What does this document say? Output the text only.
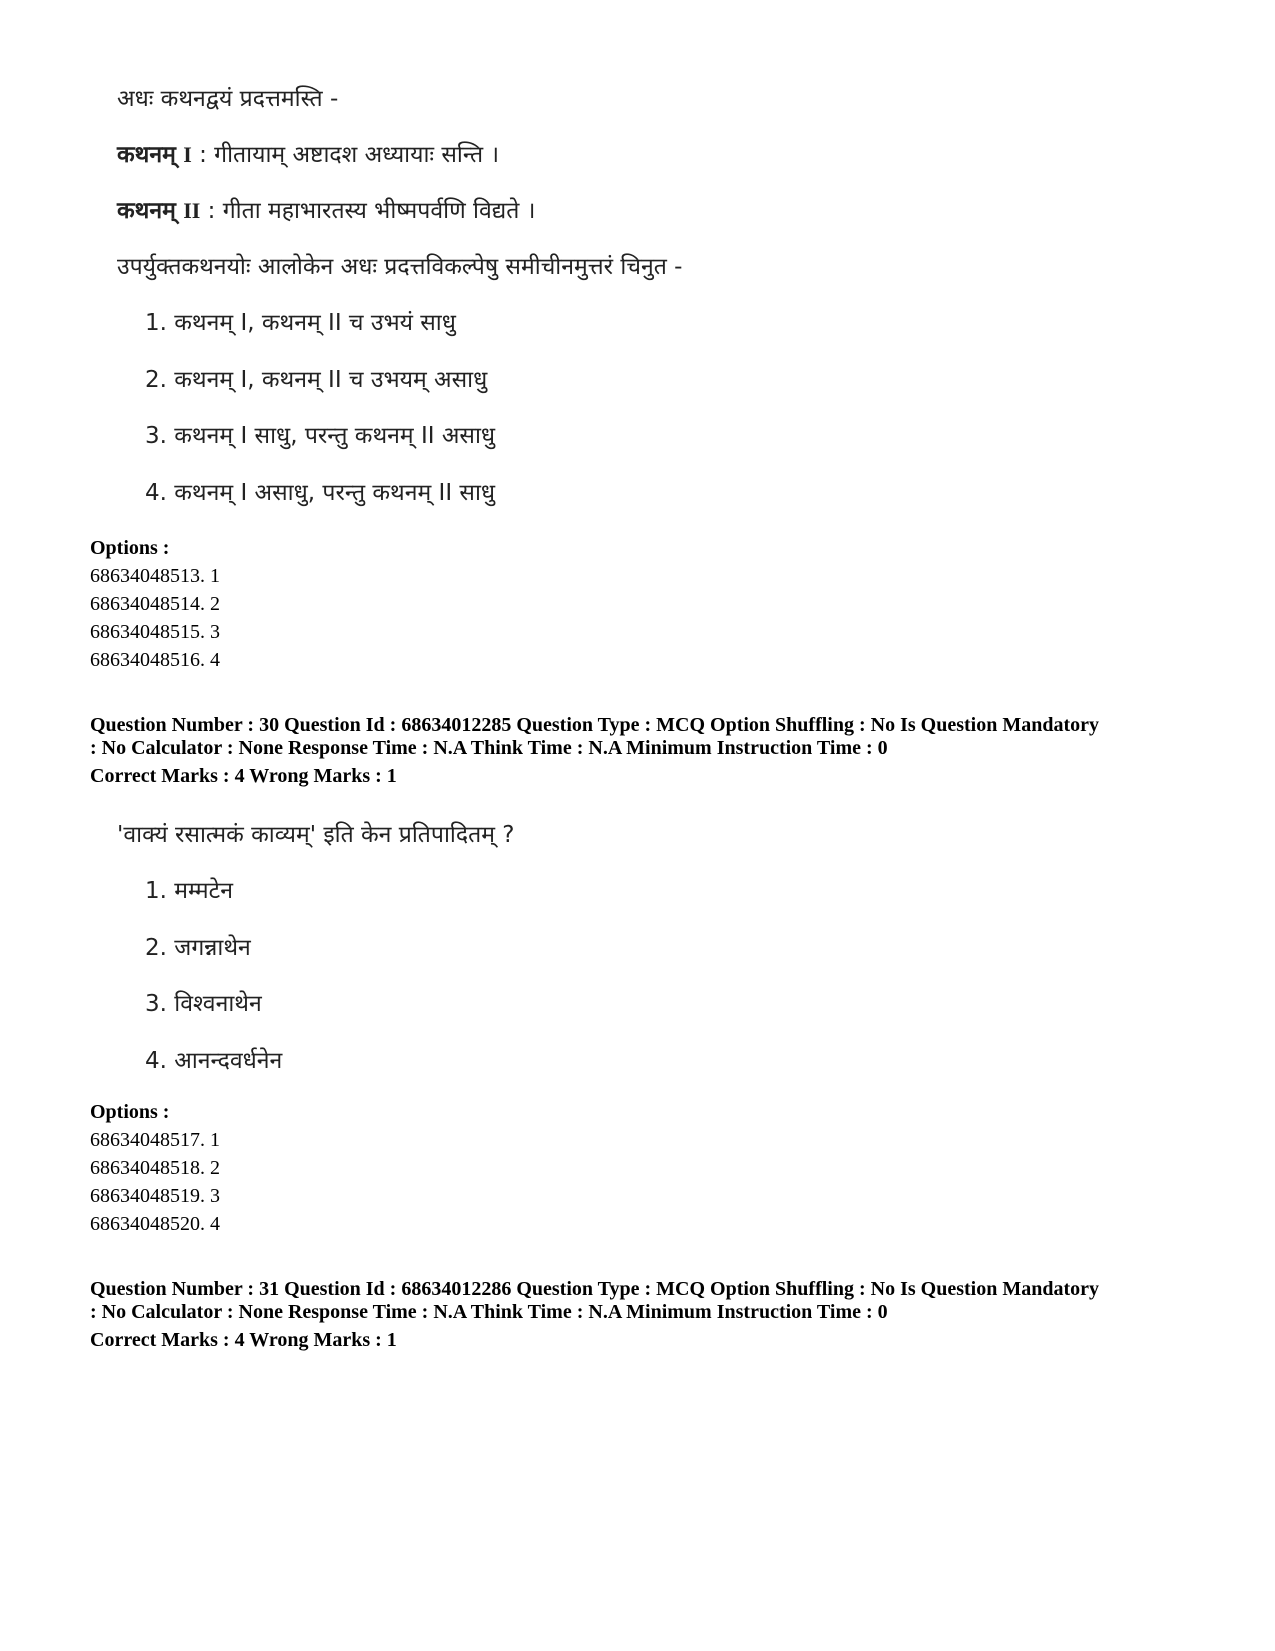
अधः कथनद्वयं प्रदत्तमस्ति -
कथनम् I : गीतायाम् अष्टादश अध्यायाः सन्ति ।
कथनम् II : गीता महाभारतस्य भीष्मपर्वणि विद्यते ।
उपर्युक्तकथनयोः आलोकेन अधः प्रदत्तविकल्पेषु समीचीनमुत्तरं चिनुत -
1. कथनम् I, कथनम् II च उभयं साधु
2. कथनम् I, कथनम् II च उभयम् असाधु
3. कथनम् I साधु, परन्तु कथनम् II असाधु
4. कथनम् I असाधु, परन्तु कथनम् II साधु
Options :
68634048513. 1
68634048514. 2
68634048515. 3
68634048516. 4
Question Number : 30 Question Id : 68634012285 Question Type : MCQ Option Shuffling : No Is Question Mandatory
: No Calculator : None Response Time : N.A Think Time : N.A Minimum Instruction Time : 0
Correct Marks : 4 Wrong Marks : 1
'वाक्यं रसात्मकं काव्यम्' इति केन प्रतिपादितम् ?
1. मम्मटेन
2. जगन्नाथेन
3. विश्वनाथेन
4. आनन्दवर्धनेन
Options :
68634048517. 1
68634048518. 2
68634048519. 3
68634048520. 4
Question Number : 31 Question Id : 68634012286 Question Type : MCQ Option Shuffling : No Is Question Mandatory
: No Calculator : None Response Time : N.A Think Time : N.A Minimum Instruction Time : 0
Correct Marks : 4 Wrong Marks : 1
